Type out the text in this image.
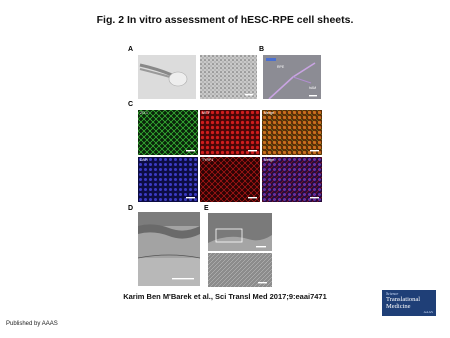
Fig. 2 In vitro assessment of hESC-RPE cell sheets.
A	B
RPE
hAM
C
ZO-1	MITF	Merge
DAPI	TYRP1	Merge
D	E
Karim Ben M'Barek et al., Sci Transl Med 2017;9:eaai7471	Science
Translational
Medicine
AAAS
Published by AAAS
